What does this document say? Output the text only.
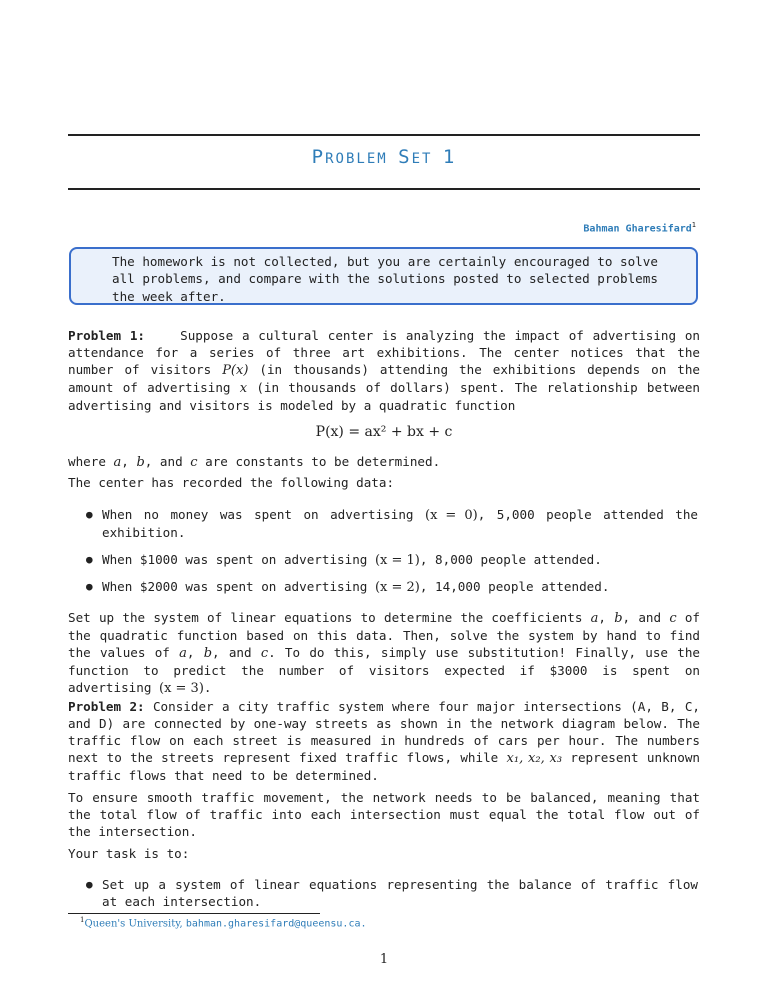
PROBLEM SET 1
Bahman Gharesifard$^1$
The homework is not collected, but you are certainly encouraged to solve all problems, and compare with the solutions posted to selected problems the week after.

Problem 1:	Suppose a cultural center is analyzing the impact of advertising on attendance for a series of three art exhibitions. The center notices that the number of visitors P(x) (in thousands) attending the exhibitions depends on the amount of advertising x (in thousands of dollars) spent. The relationship between advertising and visitors is modeled by a quadratic function

P(x) = ax² + bx + c

where a, b, and c are constants to be determined.

The center has recorded the following data:

● When no money was spent on advertising (x = 0), 5,000 people attended the exhibition.
● When $1000 was spent on advertising (x = 1), 8,000 people attended.
● When $2000 was spent on advertising (x = 2), 14,000 people attended.

Set up the system of linear equations to determine the coefficients a, b, and c of the quadratic function based on this data. Then, solve the system by hand to find the values of a, b, and c. To do this, simply use substitution! Finally, use the function to predict the number of visitors expected if $3000 is spent on advertising (x = 3).

Problem 2: Consider a city traffic system where four major intersections (A, B, C, and D) are connected by one-way streets as shown in the network diagram below. The traffic flow on each street is measured in hundreds of cars per hour. The numbers next to the streets represent fixed traffic flows, while x₁, x₂, x₃ represent unknown traffic flows that need to be determined.

To ensure smooth traffic movement, the network needs to be balanced, meaning that the total flow of traffic into each intersection must equal the total flow out of the intersection.

Your task is to:

● Set up a system of linear equations representing the balance of traffic flow at each intersection.
$^1$Queen's University, bahman.gharesifard@queensu.ca.
1
